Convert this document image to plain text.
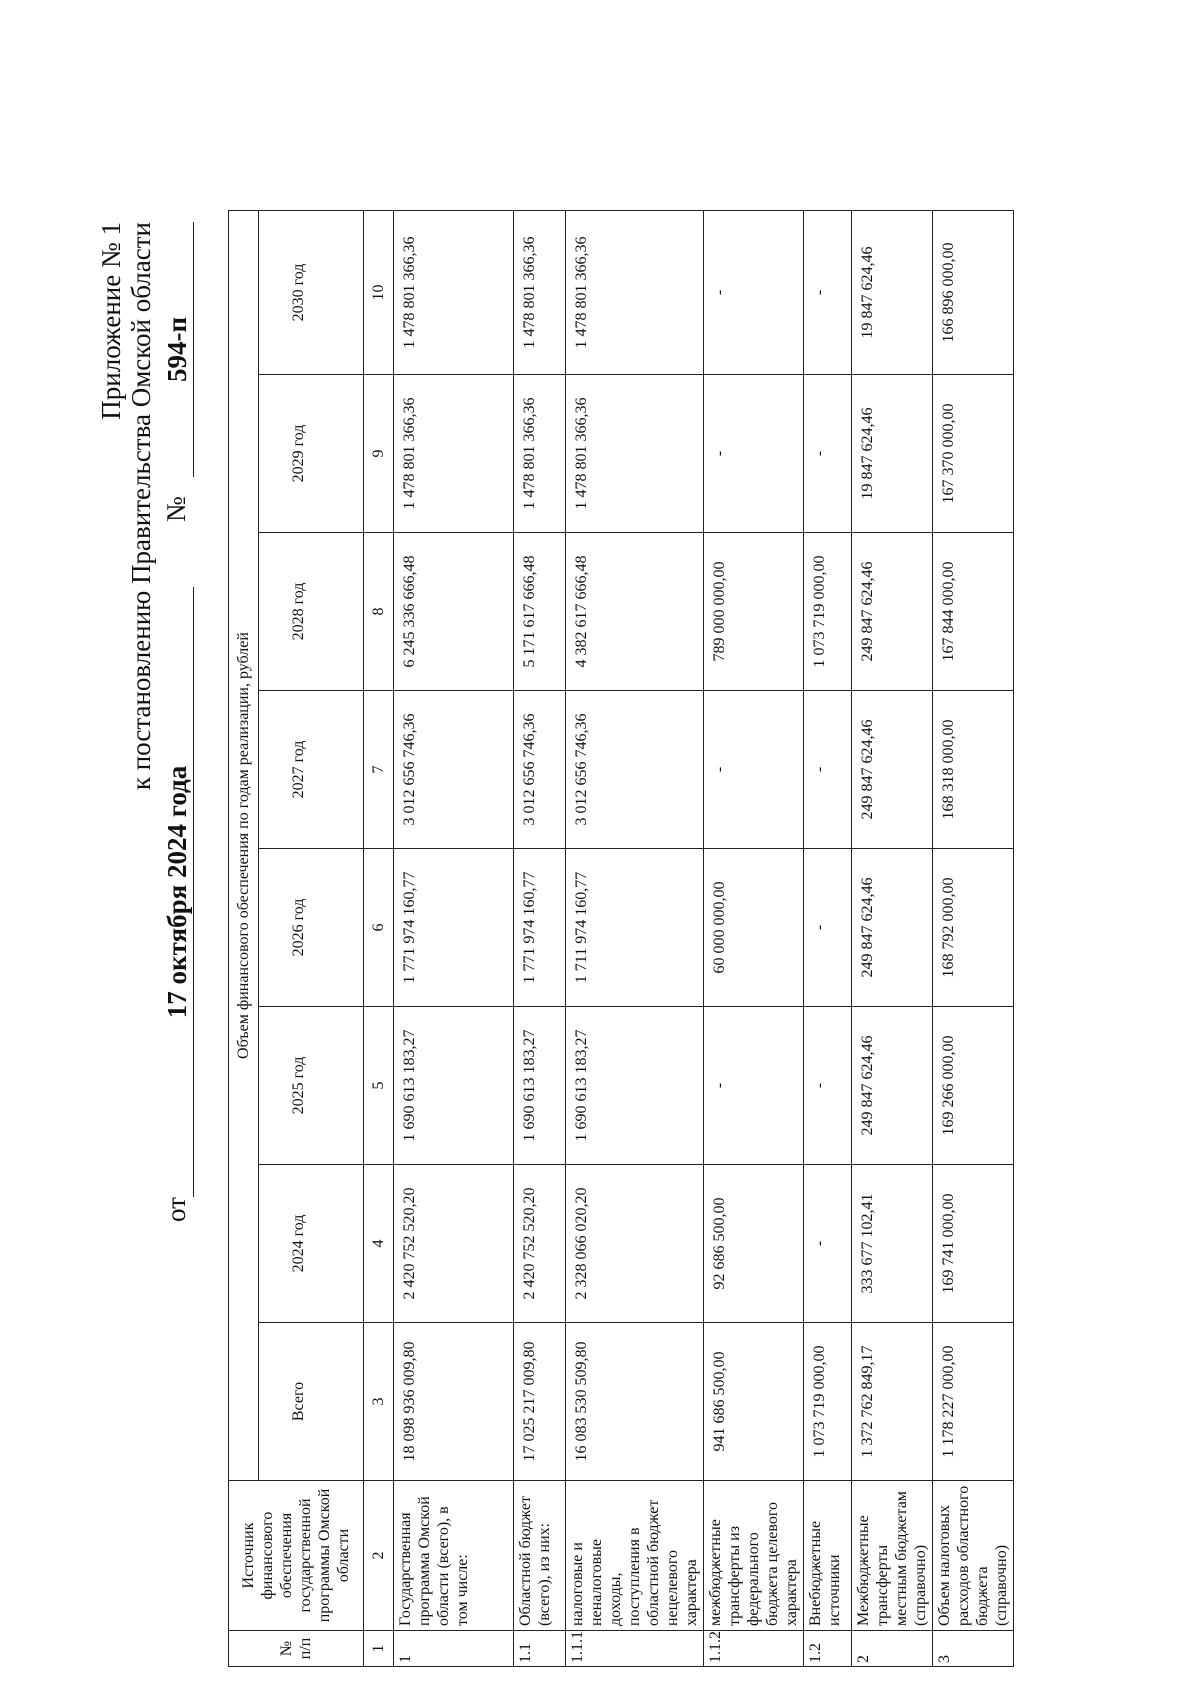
Приложение № 1 к постановлению Правительства Омской области
от
17 октября 2024 года
№
594-п
№ п/п	Источник финансового обеспечения государственной программы Омской области	Объем финансового обеспечения по годам реализации, рублей							
		Всего	2024 год	2025 год	2026 год	2027 год	2028 год	2029 год	2030 год
1	2	3	4	5	6	7	8	9	10
1	Государственная программа Омской области (всего), в том числе:	18 098 936 009,80	2 420 752 520,20	1 690 613 183,27	1 771 974 160,77	3 012 656 746,36	6 245 336 666,48	1 478 801 366,36	1 478 801 366,36
1.1	Областной бюджет (всего), из них:	17 025 217 009,80	2 420 752 520,20	1 690 613 183,27	1 771 974 160,77	3 012 656 746,36	5 171 617 666,48	1 478 801 366,36	1 478 801 366,36
1.1.1	налоговые и неналоговые доходы, поступления в областной бюджет нецелевого характера	16 083 530 509,80	2 328 066 020,20	1 690 613 183,27	1 711 974 160,77	3 012 656 746,36	4 382 617 666,48	1 478 801 366,36	1 478 801 366,36
1.1.2	межбюджетные трансферты из федерального бюджета целевого характера	941 686 500,00	92 686 500,00	-	60 000 000,00	-	789 000 000,00	-	-
1.2	Внебюджетные источники	1 073 719 000,00	-	-	-	-	1 073 719 000,00	-	-
2	Межбюджетные трансферты местным бюджетам (справочно)	1 372 762 849,17	333 677 102,41	249 847 624,46	249 847 624,46	249 847 624,46	249 847 624,46	19 847 624,46	19 847 624,46
3	Объем налоговых расходов областного бюджета (справочно)	1 178 227 000,00	169 741 000,00	169 266 000,00	168 792 000,00	168 318 000,00	167 844 000,00	167 370 000,00	166 896 000,00
